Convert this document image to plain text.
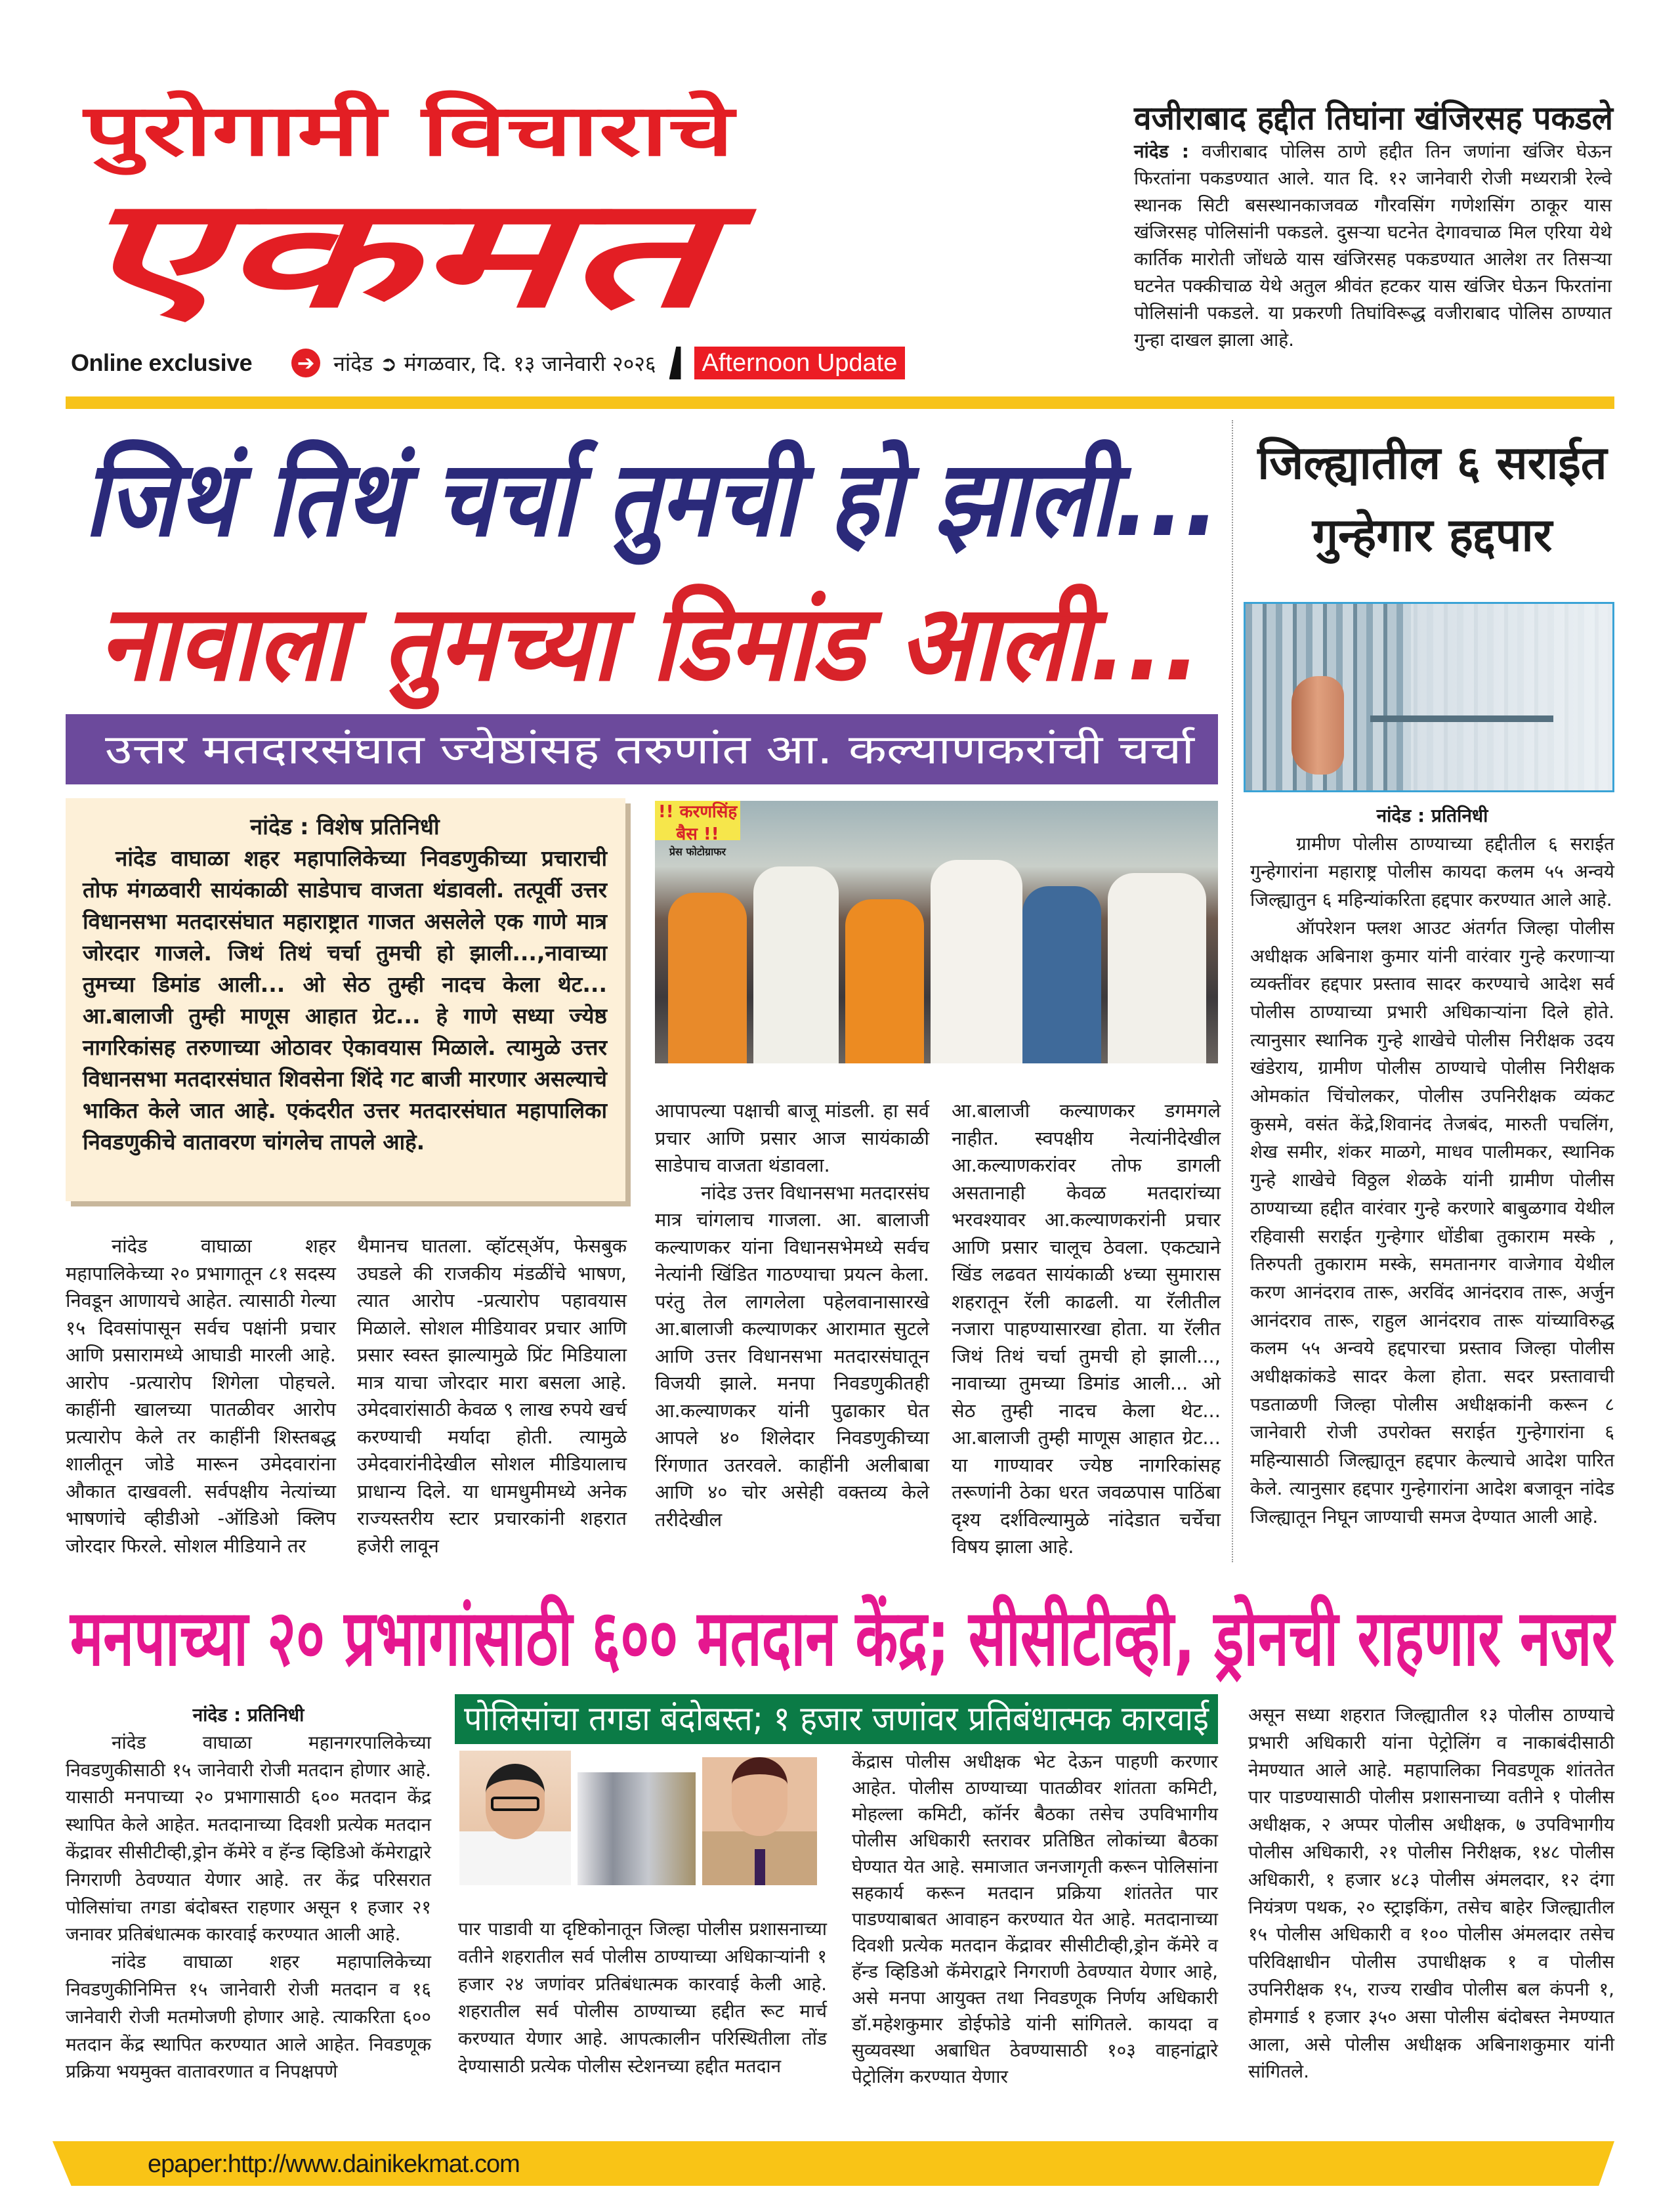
पुरोगामी विचाराचे
एकमत
वजीराबाद हद्दीत तिघांना खंजिरसह पकडले
नांदेड : वजीराबाद पोलिस ठाणे हद्दीत तिन जणांना खंजिर घेऊन फिरतांना पकडण्यात आले. यात दि. १२ जानेवारी रोजी मध्यरात्री रेल्वे स्थानक सिटी बसस्थानकाजवळ गौरवसिंग गणेशसिंग ठाकूर यास खंजिरसह पोलिसांनी पकडले. दुसऱ्या घटनेत देगावचाळ मिल एरिया येथे कार्तिक मारोती जोंधळे यास खंजिरसह पकडण्यात आलेश तर तिसऱ्या घटनेत पक्कीचाळ येथे अतुल श्रीवंत हटकर यास खंजिर घेऊन फिरतांना पोलिसांनी पकडले. या प्रकरणी तिघांविरूद्ध वजीराबाद पोलिस ठाण्यात गुन्हा दाखल झाला आहे.
Online exclusive ➔ नांदेड ➲ मंगळवार, दि. १३ जानेवारी २०२६	Afternoon Update
जिथं तिथं चर्चा तुमची हो झाली...
नावाला तुमच्या डिमांड आली...
उत्तर मतदारसंघात ज्येष्ठांसह तरुणांत आ. कल्याणकरांची चर्चा
जिल्ह्यातील ६ सराईत
गुन्हेगार हद्दपार

नांदेड : प्रतिनिधी

ग्रामीण पोलीस ठाण्याच्या हद्दीतील ६ सराईत गुन्हेगारांना महाराष्ट्र पोलीस कायदा कलम ५५ अन्वये जिल्ह्यातुन ६ महिन्यांकरिता हद्दपार करण्यात आले आहे.

ऑपरेशन फ्लश आउट अंतर्गत जिल्हा पोलीस अधीक्षक अबिनाश कुमार यांनी वारंवार गुन्हे करणाऱ्या व्यक्तींवर हद्दपार प्रस्ताव सादर करण्याचे आदेश सर्व पोलीस ठाण्याच्या प्रभारी अधिकाऱ्यांना दिले होते. त्यानुसार स्थानिक गुन्हे शाखेचे पोलीस निरीक्षक उदय खंडेराय, ग्रामीण पोलीस ठाण्याचे पोलीस निरीक्षक ओमकांत चिंचोलकर, पोलीस उपनिरीक्षक व्यंकट कुसमे, वसंत केंद्रे,शिवानंद तेजबंद, मारुती पचलिंग, शेख समीर, शंकर माळगे, माधव पालीमकर, स्थानिक गुन्हे शाखेचे विठ्ठल शेळके यांनी ग्रामीण पोलीस ठाण्याच्या हद्दीत वारंवार गुन्हे करणारे बाबुळगाव येथील रहिवासी सराईत गुन्हेगार धोंडीबा तुकाराम मस्के , तिरुपती तुकाराम मस्के, समतानगर वाजेगाव येथील करण आनंदराव तारू, अरविंद आनंदराव तारू, अर्जुन आनंदराव तारू, राहुल आनंदराव तारू यांच्याविरुद्ध कलम ५५ अन्वये हद्दपारचा प्रस्ताव जिल्हा पोलीस अधीक्षकांकडे सादर केला होता. सदर प्रस्तावाची पडताळणी जिल्हा पोलीस अधीक्षकांनी करून ८ जानेवारी रोजी उपरोक्त सराईत गुन्हेगारांना ६ महिन्यासाठी जिल्ह्यातून हद्दपार केल्याचे आदेश पारित केले. त्यानुसार हद्दपार गुन्हेगारांना आदेश बजावून नांदेड जिल्ह्यातून निघून जाण्याची समज देण्यात आली आहे.

नांदेड : विशेष प्रतिनिधी
नांदेड वाघाळा शहर महापालिकेच्या निवडणुकीच्या प्रचाराची तोफ मंगळवारी सायंकाळी साडेपाच वाजता थंडावली. तत्पूर्वी उत्तर विधानसभा मतदारसंघात महाराष्ट्रात गाजत असलेले एक गाणे मात्र जोरदार गाजले. जिथं तिथं चर्चा तुमची हो झाली...,नावाच्या तुमच्या डिमांड आली... ओ सेठ तुम्ही नादच केला थेट... आ.बालाजी तुम्ही माणूस आहात ग्रेट... हे गाणे सध्या ज्येष्ठ नागरिकांसह तरुणाच्या ओठावर ऐकावयास मिळाले. त्यामुळे उत्तर विधानसभा मतदारसंघात शिवसेना शिंदे गट बाजी मारणार असल्याचे भाकित केले जात आहे. एकंदरीत उत्तर मतदारसंघात महापालिका निवडणुकीचे वातावरण चांगलेच तापले आहे.
!! करणसिंह बैस !!
प्रेस फोटोग्राफर

नांदेड वाघाळा शहर महापालिकेच्या २० प्रभागातून ८१ सदस्य निवडून आणायचे आहेत. त्यासाठी गेल्या १५ दिवसांपासून सर्वच पक्षांनी प्रचार आणि प्रसारामध्ये आघाडी मारली आहे. आरोप -प्रत्यारोप शिगेला पोहचले. काहींनी खालच्या पातळीवर आरोप प्रत्यारोप केले तर काहींनी शिस्तबद्ध शालीतून जोडे मारून उमेदवारांना औकात दाखवली. सर्वपक्षीय नेत्यांच्या भाषणांचे व्हीडीओ -ऑडिओ क्लिप जोरदार फिरले. सोशल मीडियाने तर

थैमानच घातला. व्हॉटस्‌ॲप, फेसबुक उघडले की राजकीय मंडळींचे भाषण, त्यात आरोप -प्रत्यारोप पहावयास मिळाले. सोशल मीडियावर प्रचार आणि प्रसार स्वस्त झाल्यामुळे प्रिंट मिडियाला मात्र याचा जोरदार मारा बसला आहे. उमेदवारांसाठी केवळ ९ लाख रुपये खर्च करण्याची मर्यादा होती. त्यामुळे उमेदवारांनीदेखील सोशल मीडियालाच प्राधान्य दिले. या धामधुमीमध्ये अनेक राज्यस्तरीय स्टार प्रचारकांनी शहरात हजेरी लावून

आपापल्या पक्षाची बाजू मांडली. हा सर्व प्रचार आणि प्रसार आज सायंकाळी साडेपाच वाजता थंडावला.

नांदेड उत्तर विधानसभा मतदारसंघ मात्र चांगलाच गाजला. आ. बालाजी कल्याणकर यांना विधानसभेमध्ये सर्वच नेत्यांनी खिंडित गाठण्याचा प्रयत्न केला. परंतु तेल लागलेला पहेलवानासारखे आ.बालाजी कल्याणकर आरामात सुटले आणि उत्तर विधानसभा मतदारसंघातून विजयी झाले. मनपा निवडणुकीतही आ.कल्याणकर यांनी पुढाकार घेत आपले ४० शिलेदार निवडणुकीच्या रिंगणात उतरवले. काहींनी अलीबाबा आणि ४० चोर असेही वक्तव्य केले तरीदेखील

आ.बालाजी कल्याणकर डगमगले नाहीत. स्वपक्षीय नेत्यांनीदेखील आ.कल्याणकरांवर तोफ डागली असतानाही केवळ मतदारांच्या भरवश्यावर आ.कल्याणकरांनी प्रचार आणि प्रसार चालूच ठेवला. एकट्याने खिंड लढवत सायंकाळी ४च्या सुमारास शहरातून रॅली काढली. या रॅलीतील नजारा पाहण्यासारखा होता. या रॅलीत जिथं तिथं चर्चा तुमची हो झाली..., नावाच्या तुमच्या डिमांड आली... ओ सेठ तुम्ही नादच केला थेट... आ.बालाजी तुम्ही माणूस आहात ग्रेट... या गाण्यावर ज्येष्ठ नागरिकांसह तरूणांनी ठेका धरत जवळपास पाठिंबा दृश्य दर्शविल्यामुळे नांदेडात चर्चेचा विषय झाला आहे.

मनपाच्या २० प्रभागांसाठी ६०० मतदान केंद्र; सीसीटीव्ही, ड्रोनची राहणार नजर
पोलिसांचा तगडा बंदोबस्त; १ हजार जणांवर प्रतिबंधात्मक कारवाई

नांदेड : प्रतिनिधी

नांदेड वाघाळा महानगरपालिकेच्या निवडणुकीसाठी १५ जानेवारी रोजी मतदान होणार आहे. यासाठी मनपाच्या २० प्रभागासाठी ६०० मतदान केंद्र स्थापित केले आहेत. मतदानाच्या दिवशी प्रत्येक मतदान केंद्रावर सीसीटीव्ही,ड्रोन कॅमेरे व हॅन्ड व्हिडिओ कॅमेराद्वारे निगराणी ठेवण्यात येणार आहे. तर केंद्र परिसरात पोलिसांचा तगडा बंदोबस्त राहणार असून १ हजार २१ जनावर प्रतिबंधात्मक कारवाई करण्यात आली आहे.

नांदेड वाघाळा शहर महापालिकेच्या निवडणुकीनिमित्त १५ जानेवारी रोजी मतदान व १६ जानेवारी रोजी मतमोजणी होणार आहे. त्याकरिता ६०० मतदान केंद्र स्थापित करण्यात आले आहेत. निवडणूक प्रक्रिया भयमुक्त वातावरणात व निपक्षपणे

पार पाडावी या दृष्टिकोनातून जिल्हा पोलीस प्रशासनाच्या वतीने शहरातील सर्व पोलीस ठाण्याच्या अधिकाऱ्यांनी १ हजार २४ जणांवर प्रतिबंधात्मक कारवाई केली आहे. शहरातील सर्व पोलीस ठाण्याच्या हद्दीत रूट मार्च करण्यात येणार आहे. आपत्कालीन परिस्थितीला तोंड देण्यासाठी प्रत्येक पोलीस स्टेशनच्या हद्दीत मतदान

केंद्रास पोलीस अधीक्षक भेट देऊन पाहणी करणार आहेत. पोलीस ठाण्याच्या पातळीवर शांतता कमिटी, मोहल्ला कमिटी, कॉर्नर बैठका तसेच उपविभागीय पोलीस अधिकारी स्तरावर प्रतिष्ठित लोकांच्या बैठका घेण्यात येत आहे. समाजात जनजागृती करून पोलिसांना सहकार्य करून मतदान प्रक्रिया शांततेत पार पाडण्याबाबत आवाहन करण्यात येत आहे. मतदानाच्या दिवशी प्रत्येक मतदान केंद्रावर सीसीटीव्ही,ड्रोन कॅमेरे व हॅन्ड व्हिडिओ कॅमेराद्वारे निगराणी ठेवण्यात येणार आहे, असे मनपा आयुक्त तथा निवडणूक निर्णय अधिकारी डॉ.महेशकुमार डोईफोडे यांनी सांगितले. कायदा व सुव्यवस्था अबाधित ठेवण्यासाठी १०३ वाहनांद्वारे पेट्रोलिंग करण्यात येणार

असून सध्या शहरात जिल्ह्यातील १३ पोलीस ठाण्याचे प्रभारी अधिकारी यांना पेट्रोलिंग व नाकाबंदीसाठी नेमण्यात आले आहे. महापालिका निवडणूक शांततेत पार पाडण्यासाठी पोलीस प्रशासनाच्या वतीने १ पोलीस अधीक्षक, २ अप्पर पोलीस अधीक्षक, ७ उपविभागीय पोलीस अधिकारी, २१ पोलीस निरीक्षक, १४८ पोलीस अधिकारी, १ हजार ४८३ पोलीस अंमलदार, १२ दंगा नियंत्रण पथक, २० स्ट्राइकिंग, तसेच बाहेर जिल्ह्यातील १५ पोलीस अधिकारी व १०० पोलीस अंमलदार तसेच परिविक्षाधीन पोलीस उपाधीक्षक १ व पोलीस उपनिरीक्षक १५, राज्य राखीव पोलीस बल कंपनी १, होमगार्ड १ हजार ३५० असा पोलीस बंदोबस्त नेमण्यात आला, असे पोलीस अधीक्षक अबिनाशकुमार यांनी सांगितले.

epaper:http://www.dainikekmat.com
